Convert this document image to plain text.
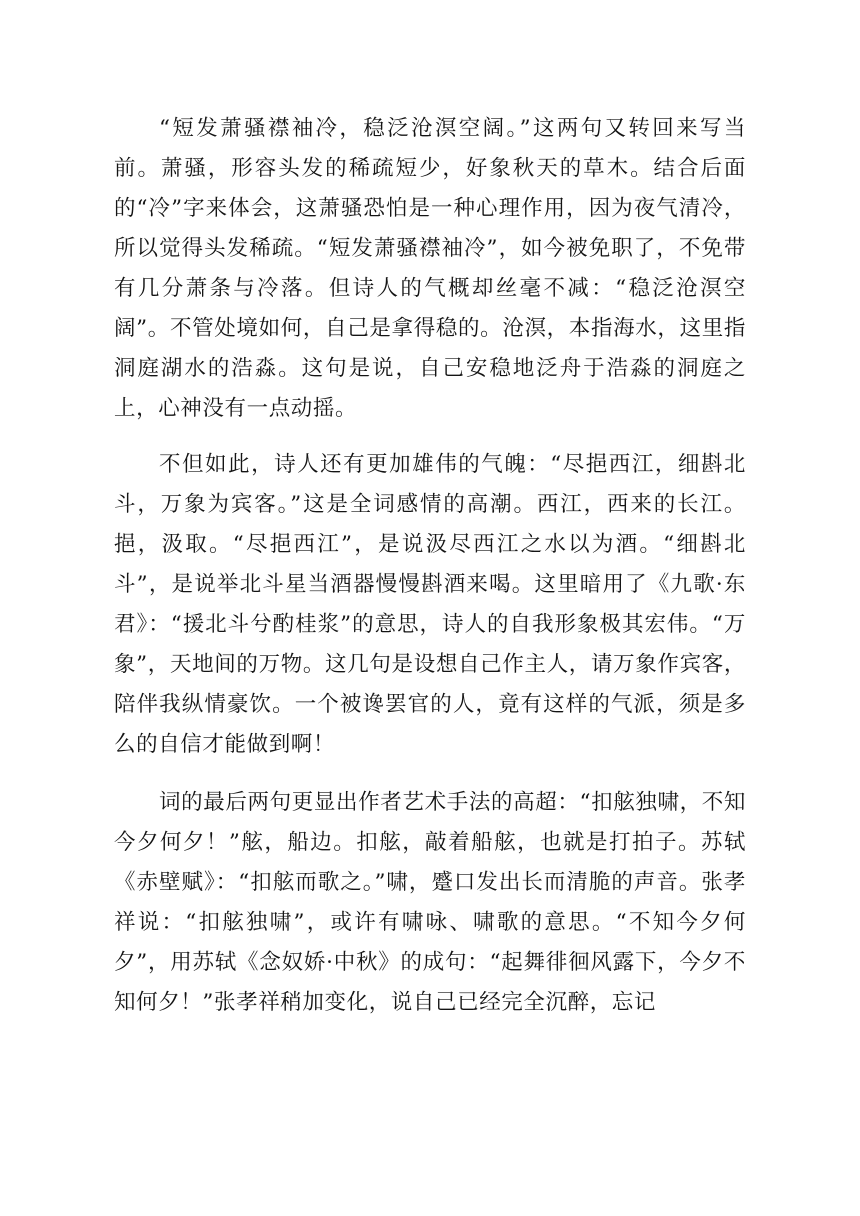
“短发萧骚襟袖冷，稳泛沧溟空阔。”这两句又转回来写当前。萧骚，形容头发的稀疏短少，好象秋天的草木。结合后面的“冷”字来体会，这萧骚恐怕是一种心理作用，因为夜气清冷，所以觉得头发稀疏。“短发萧骚襟袖冷”，如今被免职了，不免带有几分萧条与冷落。但诗人的气概却丝毫不减：“稳泛沧溟空阔”。不管处境如何，自己是拿得稳的。沧溟，本指海水，这里指洞庭湖水的浩淼。这句是说，自己安稳地泛舟于浩淼的洞庭之上，心神没有一点动摇。

不但如此，诗人还有更加雄伟的气魄：“尽挹西江，细斟北斗，万象为宾客。”这是全词感情的高潮。西江，西来的长江。挹，汲取。“尽挹西江”，是说汲尽西江之水以为酒。“细斟北斗”，是说举北斗星当酒器慢慢斟酒来喝。这里暗用了《九歌·东君》：“援北斗兮酌桂浆”的意思，诗人的自我形象极其宏伟。“万象”，天地间的万物。这几句是设想自己作主人，请万象作宾客，陪伴我纵情豪饮。一个被谗罢官的人，竟有这样的气派，须是多么的自信才能做到啊！

词的最后两句更显出作者艺术手法的高超：“扣舷独啸，不知今夕何夕！”舷，船边。扣舷，敲着船舷，也就是打拍子。苏轼《赤壁赋》：“扣舷而歌之。”啸，蹙口发出长而清脆的声音。张孝祥说：“扣舷独啸”，或许有啸咏、啸歌的意思。“不知今夕何夕”，用苏轼《念奴娇·中秋》的成句：“起舞徘徊风露下，今夕不知何夕！”张孝祥稍加变化，说自己已经完全沉醉，忘记
